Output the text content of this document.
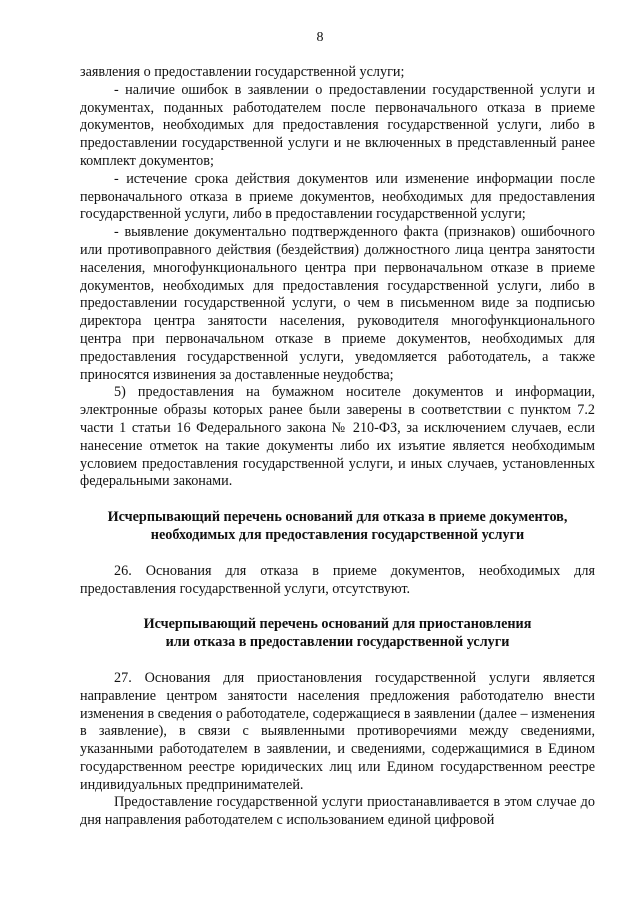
8

заявления о предоставлении государственной услуги;

- наличие ошибок в заявлении о предоставлении государственной услуги и документах, поданных работодателем после первоначального отказа в приеме документов, необходимых для предоставления государственной услуги, либо в предоставлении государственной услуги и не включенных в представленный ранее комплект документов;

- истечение срока действия документов или изменение информации после первоначального отказа в приеме документов, необходимых для предоставления государственной услуги, либо в предоставлении государственной услуги;

- выявление документально подтвержденного факта (признаков) ошибочного или противоправного действия (бездействия) должностного лица центра занятости населения, многофункционального центра при первоначальном отказе в приеме документов, необходимых для предоставления государственной услуги, либо в предоставлении государственной услуги, о чем в письменном виде за подписью директора центра занятости населения, руководителя многофункционального центра при первоначальном отказе в приеме документов, необходимых для предоставления государственной услуги, уведомляется работодатель, а также приносятся извинения за доставленные неудобства;

5) предоставления на бумажном носителе документов и информации, электронные образы которых ранее были заверены в соответствии с пунктом 7.2 части 1 статьи 16 Федерального закона № 210-ФЗ, за исключением случаев, если нанесение отметок на такие документы либо их изъятие является необходимым условием предоставления государственной услуги, и иных случаев, установленных федеральными законами.

Исчерпывающий перечень оснований для отказа в приеме документов,
необходимых для предоставления государственной услуги

26. Основания для отказа в приеме документов, необходимых для предоставления государственной услуги, отсутствуют.

Исчерпывающий перечень оснований для приостановления
или отказа в предоставлении государственной услуги

27. Основания для приостановления государственной услуги является направление центром занятости населения предложения работодателю внести изменения в сведения о работодателе, содержащиеся в заявлении (далее – изменения в заявление), в связи с выявленными противоречиями между сведениями, указанными работодателем в заявлении, и сведениями, содержащимися в Едином государственном реестре юридических лиц или Едином государственном реестре индивидуальных предпринимателей.

Предоставление государственной услуги приостанавливается в этом случае до дня направления работодателем с использованием единой цифровой
